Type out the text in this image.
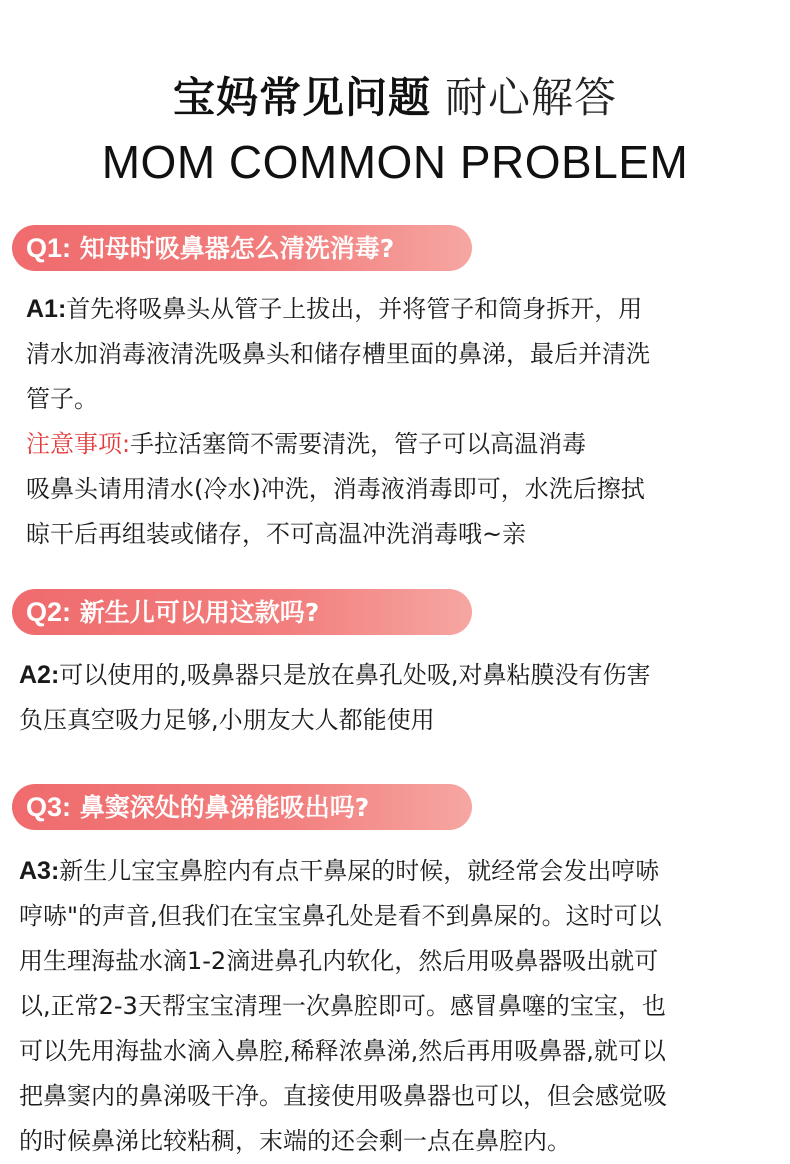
宝妈常见问题 耐心解答
MOM COMMON PROBLEM
Q1: 知母时吸鼻器怎么清洗消毒?

A1:首先将吸鼻头从管子上拔出，并将管子和筒身拆开，用

清水加消毒液清洗吸鼻头和储存槽里面的鼻涕，最后并清洗

管子。

注意事项:手拉活塞筒不需要清洗，管子可以高温消毒

吸鼻头请用清水(冷水)冲洗，消毒液消毒即可，水洗后擦拭

晾干后再组装或储存，不可高温冲洗消毒哦~亲

Q2: 新生儿可以用这款吗?

A2:可以使用的,吸鼻器只是放在鼻孔处吸,对鼻粘膜没有伤害

负压真空吸力足够,小朋友大人都能使用

Q3: 鼻窦深处的鼻涕能吸出吗?

A3:新生儿宝宝鼻腔内有点干鼻屎的时候，就经常会发出哼哧

哼哧"的声音,但我们在宝宝鼻孔处是看不到鼻屎的。这时可以

用生理海盐水滴1-2滴进鼻孔内软化，然后用吸鼻器吸出就可

以,正常2-3天帮宝宝清理一次鼻腔即可。感冒鼻噻的宝宝，也

可以先用海盐水滴入鼻腔,稀释浓鼻涕,然后再用吸鼻器,就可以

把鼻窦内的鼻涕吸干净。直接使用吸鼻器也可以，但会感觉吸

的时候鼻涕比较粘稠，末端的还会剩一点在鼻腔内。
